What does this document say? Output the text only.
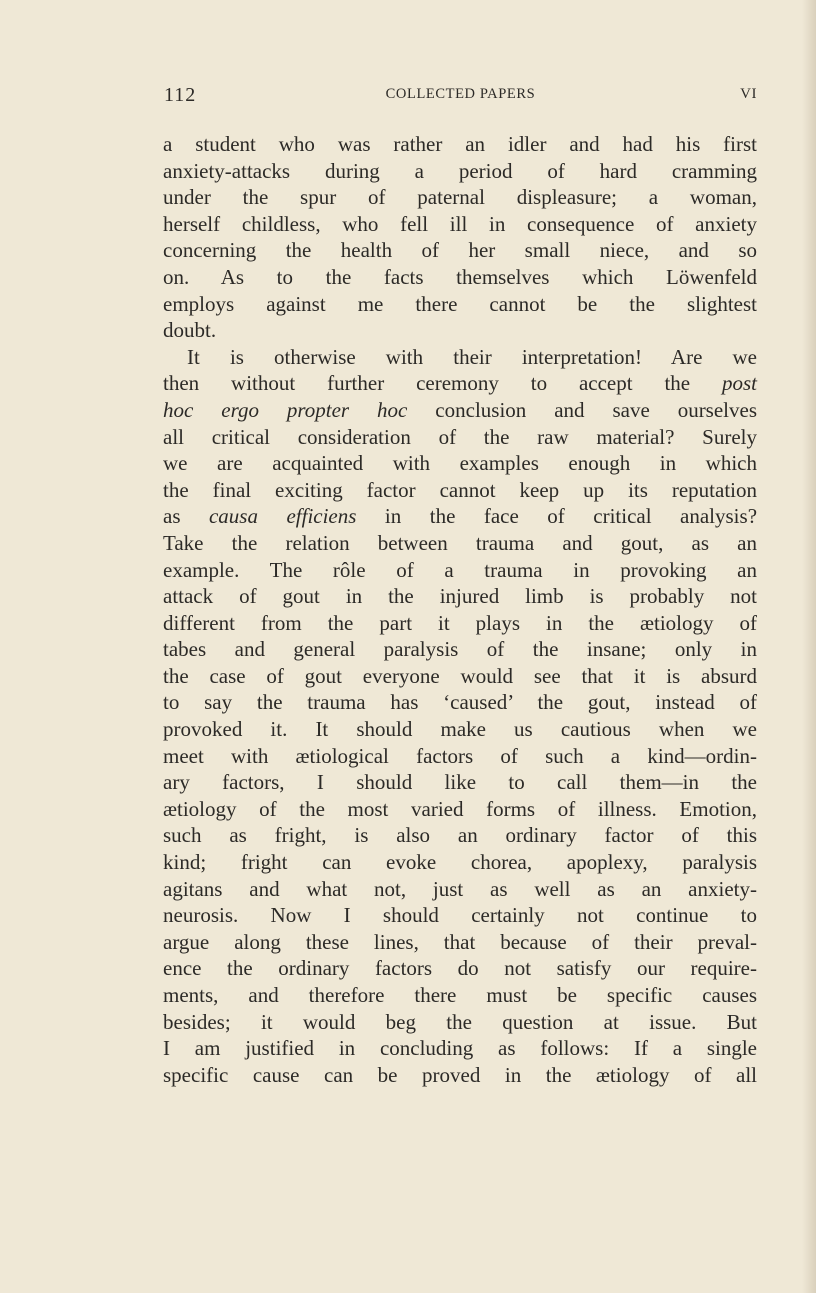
112	COLLECTED PAPERS	VI
a student who was rather an idler and had his first
anxiety-attacks during a period of hard cramming
under the spur of paternal displeasure; a woman,
herself childless, who fell ill in consequence of anxiety
concerning the health of her small niece, and so
on. As to the facts themselves which Löwenfeld
employs against me there cannot be the slightest
doubt.
It is otherwise with their interpretation! Are we
then without further ceremony to accept the post
hoc ergo propter hoc conclusion and save ourselves
all critical consideration of the raw material? Surely
we are acquainted with examples enough in which
the final exciting factor cannot keep up its reputation
as causa efficiens in the face of critical analysis?
Take the relation between trauma and gout, as an
example. The rôle of a trauma in provoking an
attack of gout in the injured limb is probably not
different from the part it plays in the ætiology of
tabes and general paralysis of the insane; only in
the case of gout everyone would see that it is absurd
to say the trauma has ‘caused’ the gout, instead of
provoked it. It should make us cautious when we
meet with ætiological factors of such a kind—ordin-
ary factors, I should like to call them—in the
ætiology of the most varied forms of illness. Emotion,
such as fright, is also an ordinary factor of this
kind; fright can evoke chorea, apoplexy, paralysis
agitans and what not, just as well as an anxiety-
neurosis. Now I should certainly not continue to
argue along these lines, that because of their preval-
ence the ordinary factors do not satisfy our require-
ments, and therefore there must be specific causes
besides; it would beg the question at issue. But
I am justified in concluding as follows: If a single
specific cause can be proved in the ætiology of all
